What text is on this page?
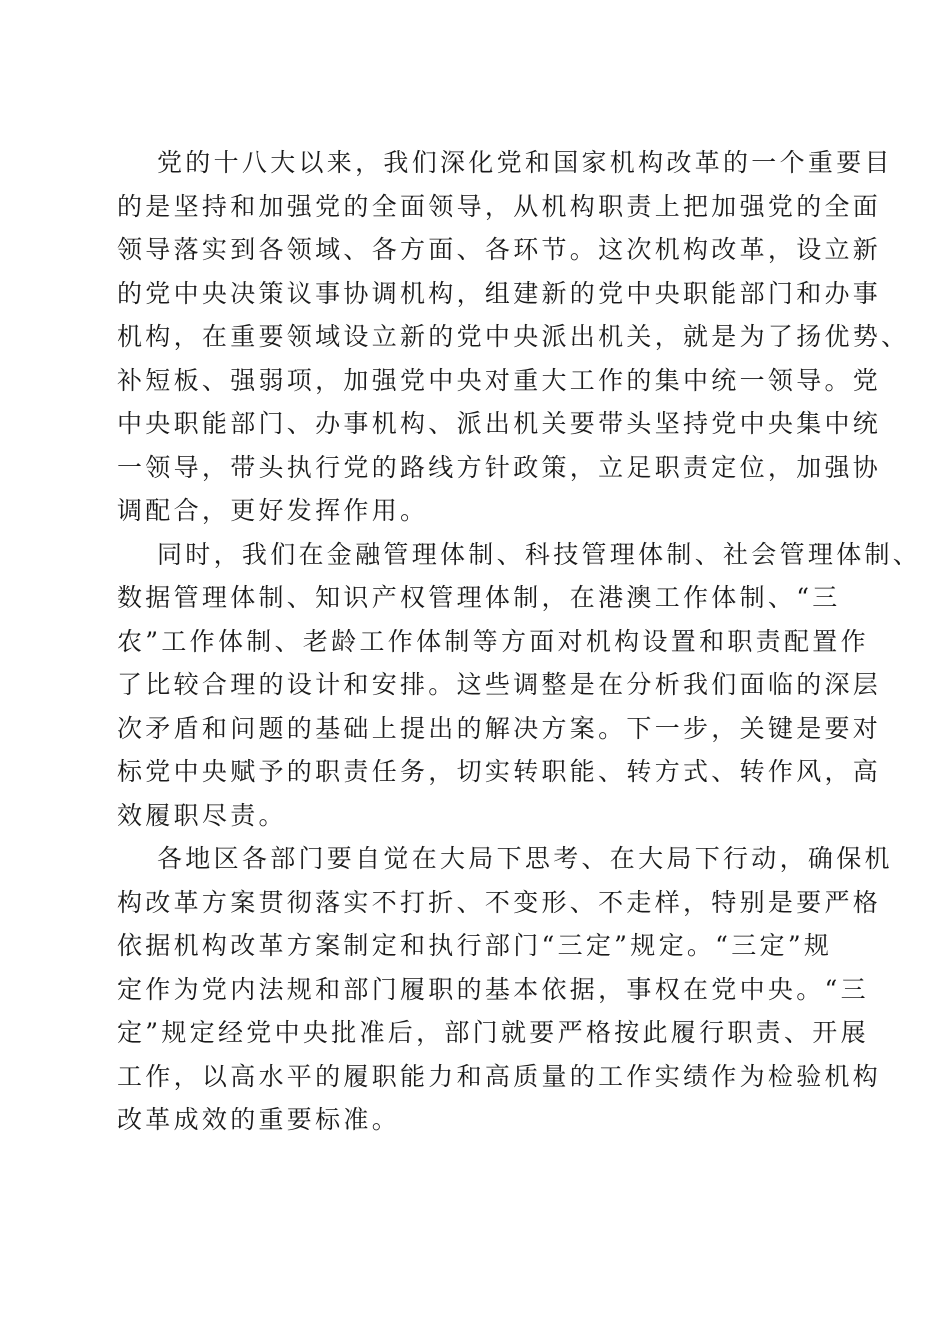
党的十八大以来，我们深化党和国家机构改革的一个重要目
的是坚持和加强党的全面领导，从机构职责上把加强党的全面
领导落实到各领域、各方面、各环节。这次机构改革，设立新
的党中央决策议事协调机构，组建新的党中央职能部门和办事
机构，在重要领域设立新的党中央派出机关，就是为了扬优势、
补短板、强弱项，加强党中央对重大工作的集中统一领导。党
中央职能部门、办事机构、派出机关要带头坚持党中央集中统
一领导，带头执行党的路线方针政策，立足职责定位，加强协
调配合，更好发挥作用。
同时，我们在金融管理体制、科技管理体制、社会管理体制、
数据管理体制、知识产权管理体制，在港澳工作体制、“三
农”工作体制、老龄工作体制等方面对机构设置和职责配置作
了比较合理的设计和安排。这些调整是在分析我们面临的深层
次矛盾和问题的基础上提出的解决方案。下一步，关键是要对
标党中央赋予的职责任务，切实转职能、转方式、转作风，高
效履职尽责。
各地区各部门要自觉在大局下思考、在大局下行动，确保机
构改革方案贯彻落实不打折、不变形、不走样，特别是要严格
依据机构改革方案制定和执行部门“三定”规定。“三定”规
定作为党内法规和部门履职的基本依据，事权在党中央。“三
定”规定经党中央批准后，部门就要严格按此履行职责、开展
工作，以高水平的履职能力和高质量的工作实绩作为检验机构
改革成效的重要标准。
